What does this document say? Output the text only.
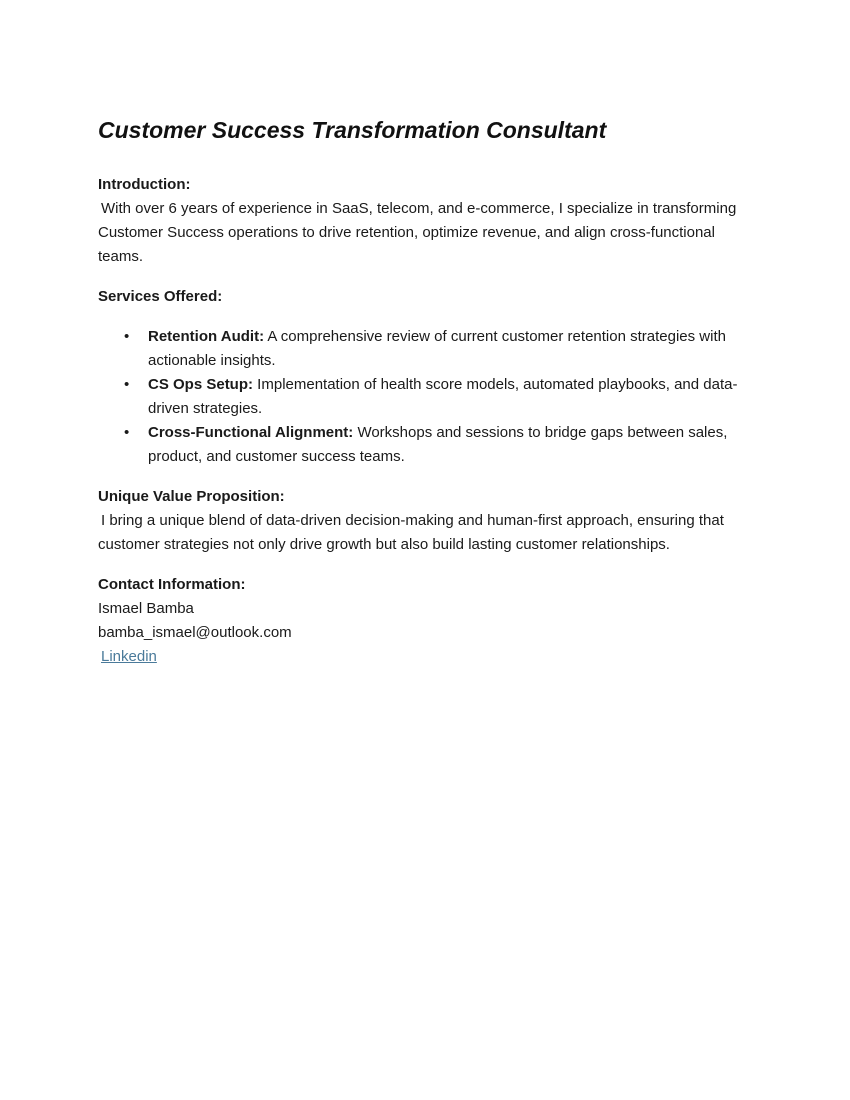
Customer Success Transformation Consultant

Introduction:

With over 6 years of experience in SaaS, telecom, and e-commerce, I specialize in transforming Customer Success operations to drive retention, optimize revenue, and align cross-functional teams.

Services Offered:

• Retention Audit: A comprehensive review of current customer retention strategies with actionable insights.
• CS Ops Setup: Implementation of health score models, automated playbooks, and data-driven strategies.
• Cross-Functional Alignment: Workshops and sessions to bridge gaps between sales, product, and customer success teams.

Unique Value Proposition:

I bring a unique blend of data-driven decision-making and human-first approach, ensuring that customer strategies not only drive growth but also build lasting customer relationships.

Contact Information:

Ismael Bamba

bamba_ismael@outlook.com

Linkedin
